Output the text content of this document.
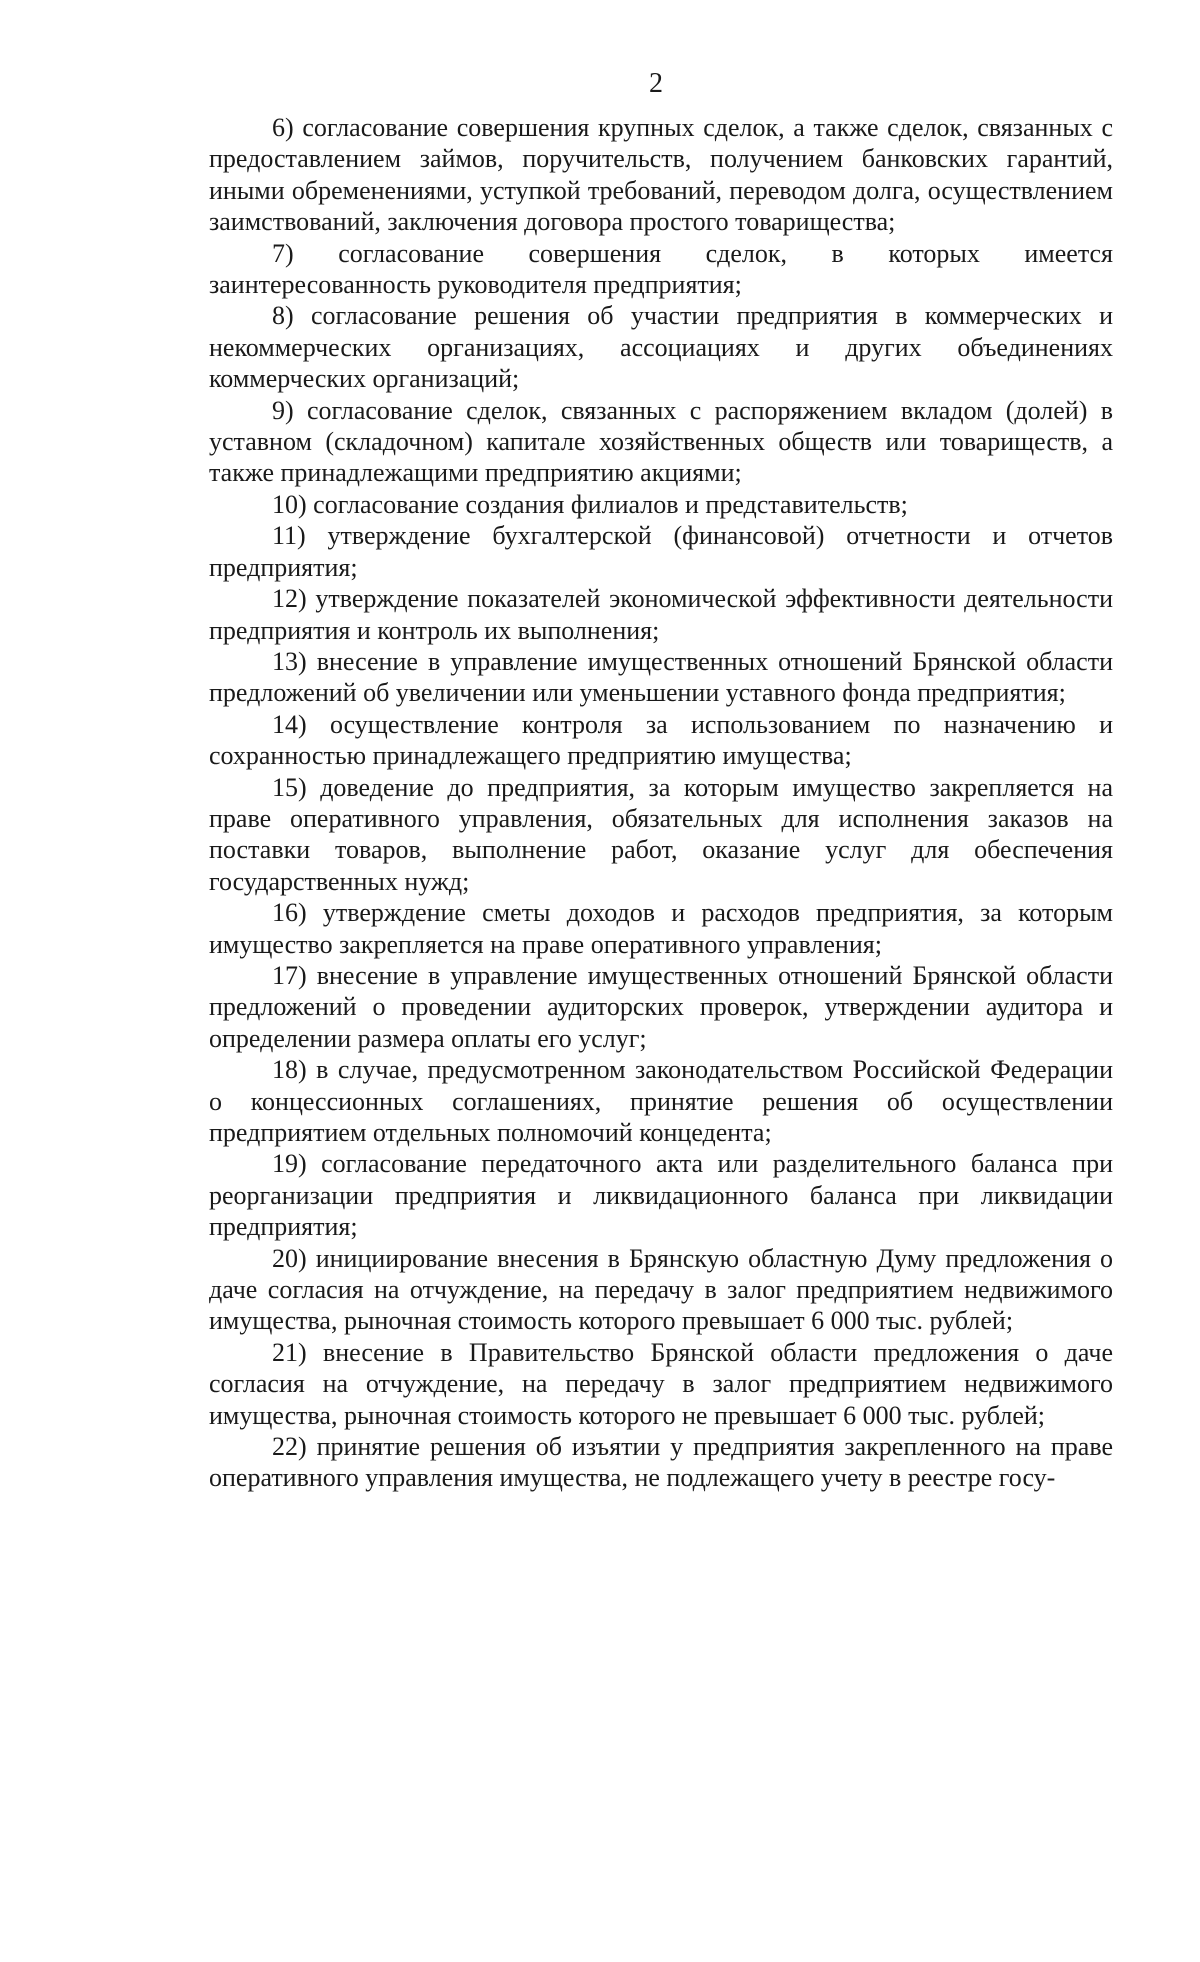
2

6) согласование совершения крупных сделок, а также сделок, связанных с предоставлением займов, поручительств, получением банковских гарантий, иными обременениями, уступкой требований, переводом долга, осуществлением заимствований, заключения договора простого товарищества;

7) согласование совершения сделок, в которых имеется заинтересованность руководителя предприятия;

8) согласование решения об участии предприятия в коммерческих и некоммерческих организациях, ассоциациях и других объединениях коммерческих организаций;

9) согласование сделок, связанных с распоряжением вкладом (долей) в уставном (складочном) капитале хозяйственных обществ или товариществ, а также принадлежащими предприятию акциями;

10) согласование создания филиалов и представительств;

11) утверждение бухгалтерской (финансовой) отчетности и отчетов предприятия;

12) утверждение показателей экономической эффективности деятельности предприятия и контроль их выполнения;

13) внесение в управление имущественных отношений Брянской области предложений об увеличении или уменьшении уставного фонда предприятия;

14) осуществление контроля за использованием по назначению и сохранностью принадлежащего предприятию имущества;

15) доведение до предприятия, за которым имущество закрепляется на праве оперативного управления, обязательных для исполнения заказов на поставки товаров, выполнение работ, оказание услуг для обеспечения государственных нужд;

16) утверждение сметы доходов и расходов предприятия, за которым имущество закрепляется на праве оперативного управления;

17) внесение в управление имущественных отношений Брянской области предложений о проведении аудиторских проверок, утверждении аудитора и определении размера оплаты его услуг;

18) в случае, предусмотренном законодательством Российской Федерации о концессионных соглашениях, принятие решения об осуществлении предприятием отдельных полномочий концедента;

19) согласование передаточного акта или разделительного баланса при реорганизации предприятия и ликвидационного баланса при ликвидации предприятия;

20) инициирование внесения в Брянскую областную Думу предложения о даче согласия на отчуждение, на передачу в залог предприятием недвижимого имущества, рыночная стоимость которого превышает 6 000 тыс. рублей;

21) внесение в Правительство Брянской области предложения о даче согласия на отчуждение, на передачу в залог предприятием недвижимого имущества, рыночная стоимость которого не превышает 6 000 тыс. рублей;

22) принятие решения об изъятии у предприятия закрепленного на праве оперативного управления имущества, не подлежащего учету в реестре госу-
